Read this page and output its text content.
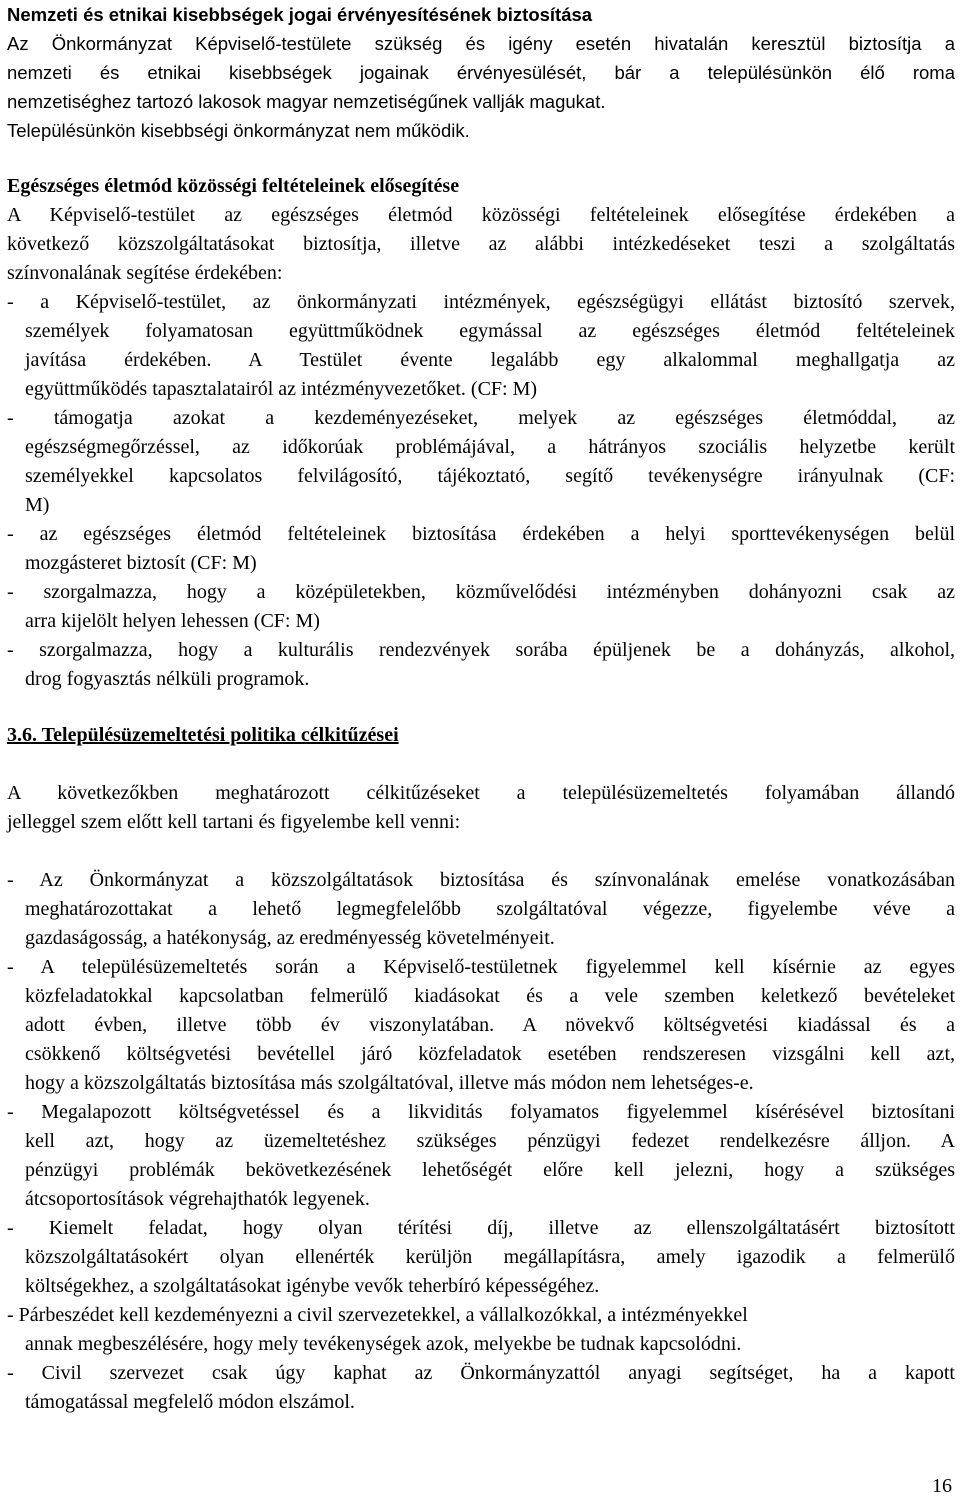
Nemzeti és etnikai kisebbségek jogai érvényesítésének biztosítása
Az Önkormányzat Képviselő-testülete szükség és igény esetén hivatalán keresztül biztosítja a
nemzeti és etnikai kisebbségek jogainak érvényesülését, bár a településünkön élő roma
nemzetiséghez tartozó lakosok magyar nemzetiségűnek vallják magukat.
Településünkön kisebbségi önkormányzat nem működik.
Egészséges életmód közösségi feltételeinek elősegítése
A Képviselő-testület az egészséges életmód közösségi feltételeinek elősegítése érdekében a
következő közszolgáltatásokat biztosítja, illetve az alábbi intézkedéseket teszi a szolgáltatás
színvonalának segítése érdekében:
- a Képviselő-testület, az önkormányzati intézmények, egészségügyi ellátást biztosító szervek,
személyek folyamatosan együttműködnek egymással az egészséges életmód feltételeinek
javítása érdekében. A Testület évente legalább egy alkalommal meghallgatja az
együttműködés tapasztalatairól az intézményvezetőket. (CF: M)
- támogatja azokat a kezdeményezéseket, melyek az egészséges életmóddal, az
egészségmegőrzéssel, az időkorúak problémájával, a hátrányos szociális helyzetbe került
személyekkel kapcsolatos felvilágosító, tájékoztató, segítő tevékenységre irányulnak (CF:
M)
- az egészséges életmód feltételeinek biztosítása érdekében a helyi sporttevékenységen belül
mozgásteret biztosít (CF: M)
- szorgalmazza, hogy a középületekben, közművelődési intézményben dohányozni csak az
arra kijelölt helyen lehessen (CF: M)
- szorgalmazza, hogy a kulturális rendezvények sorába épüljenek be a dohányzás, alkohol,
drog fogyasztás nélküli programok.
3.6. Településüzemeltetési politika célkitűzései
A következőkben meghatározott célkitűzéseket a településüzemeltetés folyamában állandó
jelleggel szem előtt kell tartani és figyelembe kell venni:
- Az Önkormányzat a közszolgáltatások biztosítása és színvonalának emelése vonatkozásában
meghatározottakat a lehető legmegfelelőbb szolgáltatóval végezze, figyelembe véve a
gazdaságosság, a hatékonyság, az eredményesség követelményeit.
- A településüzemeltetés során a Képviselő-testületnek figyelemmel kell kísérnie az egyes
közfeladatokkal kapcsolatban felmerülő kiadásokat és a vele szemben keletkező bevételeket
adott évben, illetve több év viszonylatában. A növekvő költségvetési kiadással és a
csökkenő költségvetési bevétellel járó közfeladatok esetében rendszeresen vizsgálni kell azt,
hogy a közszolgáltatás biztosítása más szolgáltatóval, illetve más módon nem lehetséges-e.
- Megalapozott költségvetéssel és a likviditás folyamatos figyelemmel kísérésével biztosítani
kell azt, hogy az üzemeltetéshez szükséges pénzügyi fedezet rendelkezésre álljon. A
pénzügyi problémák bekövetkezésének lehetőségét előre kell jelezni, hogy a szükséges
átcsoportosítások végrehajthatók legyenek.
- Kiemelt feladat, hogy olyan térítési díj, illetve az ellenszolgáltatásért biztosított
közszolgáltatásokért olyan ellenérték kerüljön megállapításra, amely igazodik a felmerülő
költségekhez, a szolgáltatásokat igénybe vevők teherbíró képességéhez.
- Párbeszédet kell kezdeményezni a civil szervezetekkel, a vállalkozókkal, a intézményekkel
annak megbeszélésére, hogy mely tevékenységek azok, melyekbe be tudnak kapcsolódni.
- Civil szervezet csak úgy kaphat az Önkormányzattól anyagi segítséget, ha a kapott
támogatással megfelelő módon elszámol.
16
